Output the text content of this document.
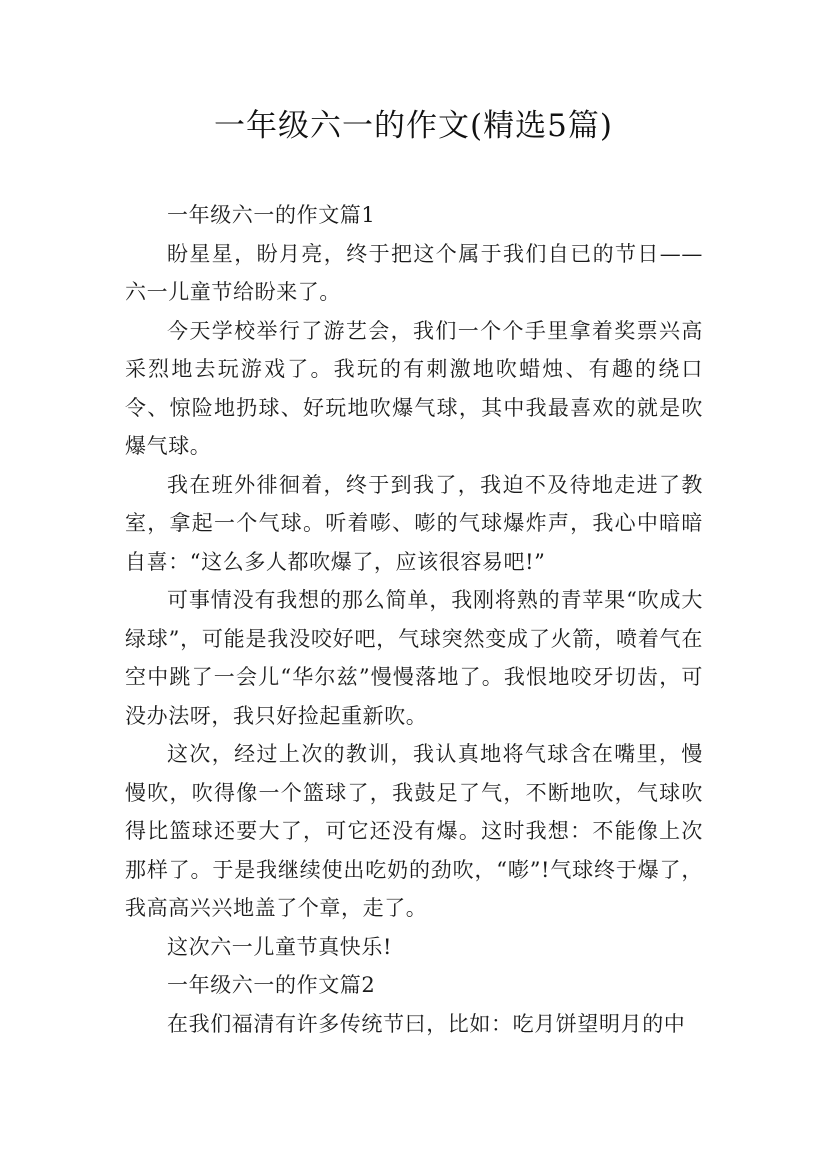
一年级六一的作文(精选5篇)

一年级六一的作文篇1

盼星星，盼月亮，终于把这个属于我们自已的节日——六一儿童节给盼来了。

今天学校举行了游艺会，我们一个个手里拿着奖票兴高采烈地去玩游戏了。我玩的有刺激地吹蜡烛、有趣的绕口令、惊险地扔球、好玩地吹爆气球，其中我最喜欢的就是吹爆气球。

我在班外徘徊着，终于到我了，我迫不及待地走进了教室，拿起一个气球。听着嘭、嘭的气球爆炸声，我心中暗暗自喜：“这么多人都吹爆了，应该很容易吧!”

可事情没有我想的那么简单，我刚将熟的青苹果“吹成大绿球”，可能是我没咬好吧，气球突然变成了火箭，喷着气在空中跳了一会儿“华尔兹”慢慢落地了。我恨地咬牙切齿，可没办法呀，我只好捡起重新吹。

这次，经过上次的教训，我认真地将气球含在嘴里，慢慢吹，吹得像一个篮球了，我鼓足了气，不断地吹，气球吹得比篮球还要大了，可它还没有爆。这时我想：不能像上次那样了。于是我继续使出吃奶的劲吹，“嘭”!气球终于爆了，我高高兴兴地盖了个章，走了。

这次六一儿童节真快乐!

一年级六一的作文篇2

在我们福清有许多传统节曰，比如：吃月饼望明月的中
